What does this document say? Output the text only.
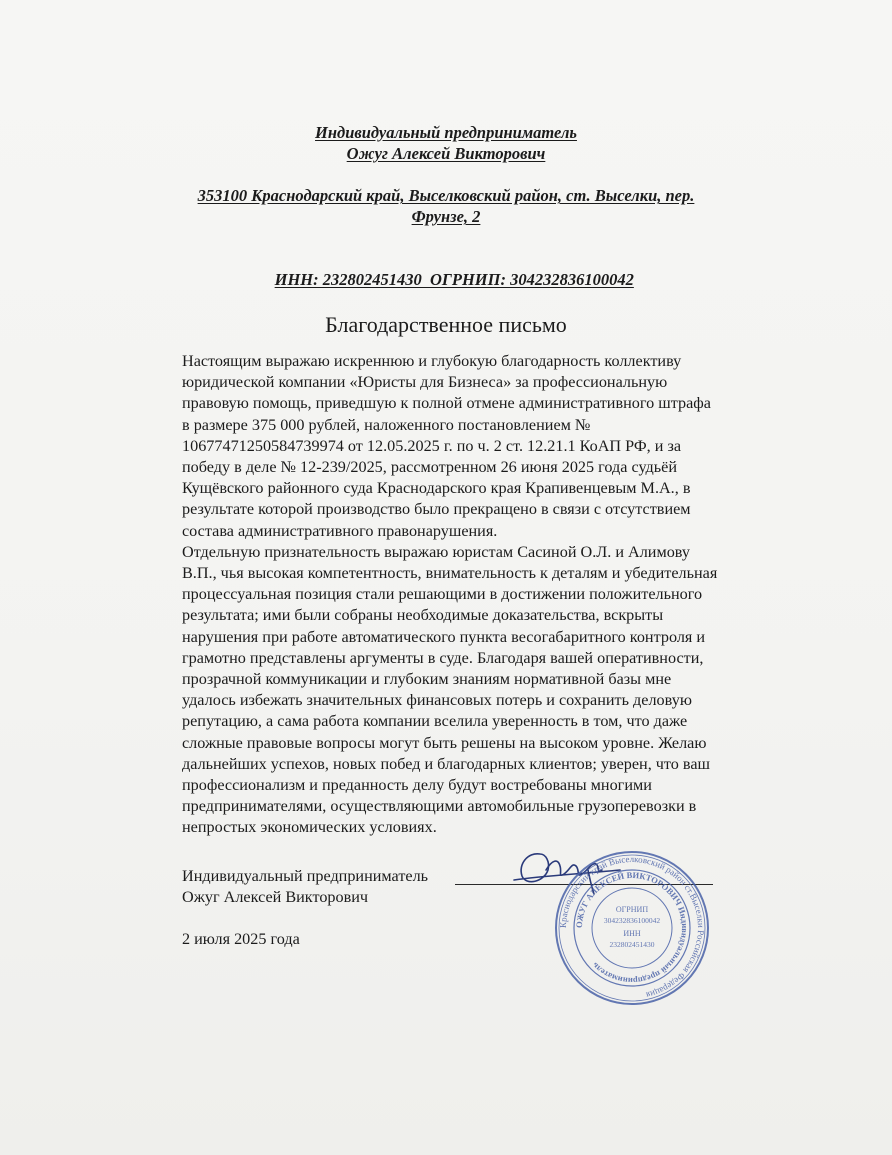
Индивидуальный предприниматель
Ожуг Алексей Викторович
353100 Краснодарский край, Выселковский район, ст. Выселки, пер.
Фрунзе, 2

ИНН: 232802451430  ОГРНИП: 304232836100042

Благодарственное письмо
Настоящим выражаю искреннюю и глубокую благодарность коллективу
юридической компании «Юристы для Бизнеса» за профессиональную
правовую помощь, приведшую к полной отмене административного штрафа
в размере 375 000 рублей, наложенного постановлением №
10677471250584739974 от 12.05.2025 г. по ч. 2 ст. 12.21.1 КоАП РФ, и за
победу в деле № 12-239/2025, рассмотренном 26 июня 2025 года судьёй
Кущёвского районного суда Краснодарского края Крапивенцевым М.А., в
результате которой производство было прекращено в связи с отсутствием
состава административного правонарушения.
Отдельную признательность выражаю юристам Сасиной О.Л. и Алимову
В.П., чья высокая компетентность, внимательность к деталям и убедительная
процессуальная позиция стали решающими в достижении положительного
результата; ими были собраны необходимые доказательства, вскрыты
нарушения при работе автоматического пункта весогабаритного контроля и
грамотно представлены аргументы в суде. Благодаря вашей оперативности,
прозрачной коммуникации и глубоким знаниям нормативной базы мне
удалось избежать значительных финансовых потерь и сохранить деловую
репутацию, а сама работа компании вселила уверенность в том, что даже
сложные правовые вопросы могут быть решены на высоком уровне. Желаю
дальнейших успехов, новых побед и благодарных клиентов; уверен, что ваш
профессионализм и преданность делу будут востребованы многими
предпринимателями, осуществляющими автомобильные грузоперевозки в
непростых экономических условиях.
Индивидуальный предприниматель
Ожуг Алексей Викторович
2 июля 2025 года
Краснодарский край Выселковский район ст.Выселки Российская Федерация
ОЖУГ АЛЕКСЕЙ ВИКТОРОВИЧ Индивидуальный предприниматель
ОГРНИП
304232836100042
ИНН
232802451430
